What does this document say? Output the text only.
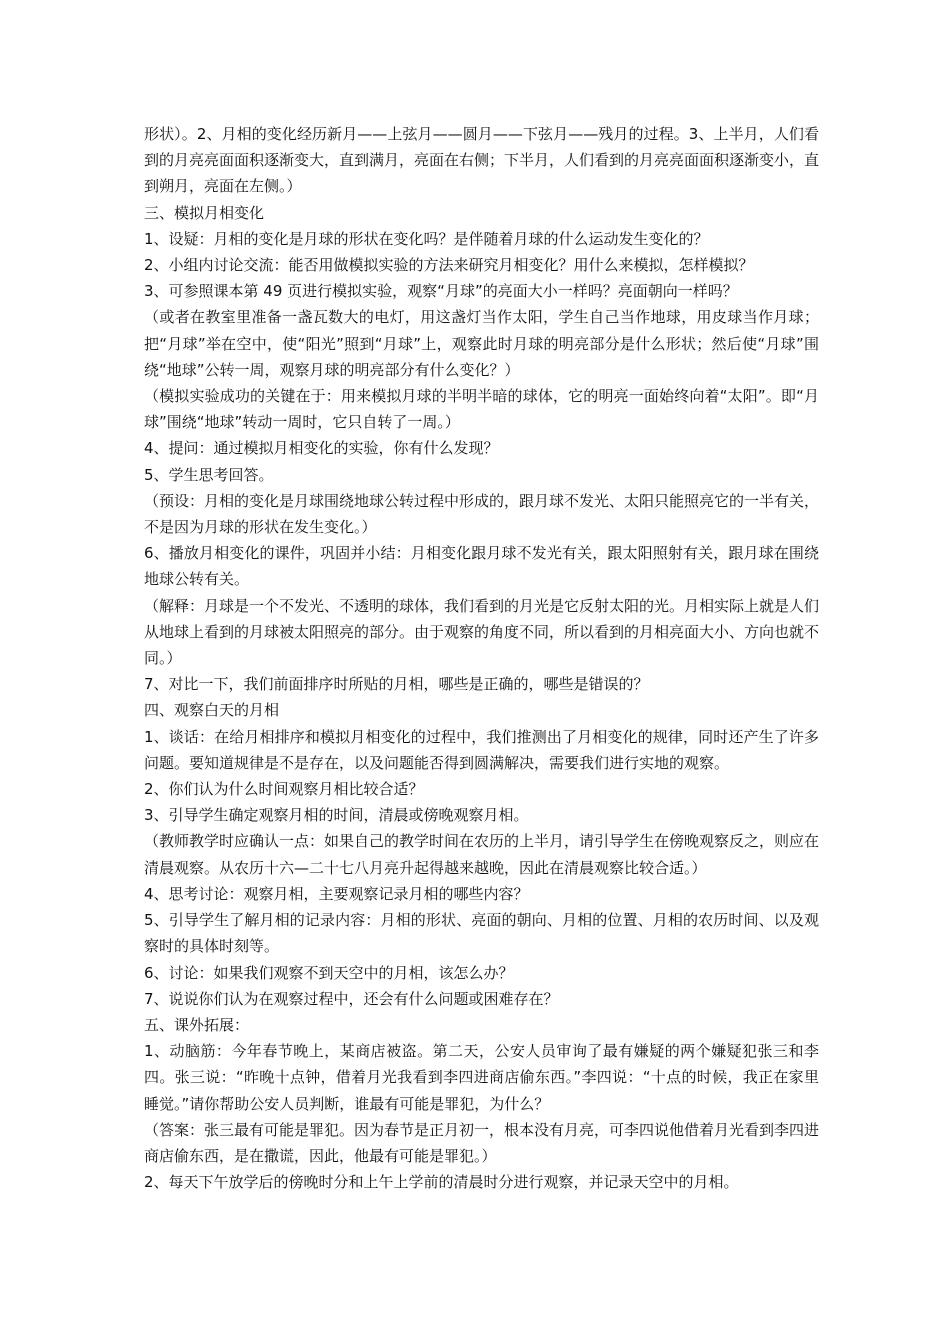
形状）。2、月相的变化经历新月——上弦月——圆月——下弦月——残月的过程。3、上半月，人们看到的月亮亮面面积逐渐变大，直到满月，亮面在右侧；下半月，人们看到的月亮亮面面积逐渐变小，直到朔月，亮面在左侧。）

三、模拟月相变化

1、设疑：月相的变化是月球的形状在变化吗？是伴随着月球的什么运动发生变化的？

2、小组内讨论交流：能否用做模拟实验的方法来研究月相变化？用什么来模拟，怎样模拟？

3、可参照课本第 49 页进行模拟实验，观察“月球”的亮面大小一样吗？亮面朝向一样吗？

（或者在教室里准备一盏瓦数大的电灯，用这盏灯当作太阳，学生自己当作地球，用皮球当作月球；把“月球”举在空中，使“阳光”照到“月球”上，观察此时月球的明亮部分是什么形状；然后使“月球”围绕“地球”公转一周，观察月球的明亮部分有什么变化？）

（模拟实验成功的关键在于：用来模拟月球的半明半暗的球体，它的明亮一面始终向着“太阳”。即“月球”围绕“地球”转动一周时，它只自转了一周。）

4、提问：通过模拟月相变化的实验，你有什么发现？

5、学生思考回答。

（预设：月相的变化是月球围绕地球公转过程中形成的，跟月球不发光、太阳只能照亮它的一半有关，不是因为月球的形状在发生变化。）

6、播放月相变化的课件，巩固并小结：月相变化跟月球不发光有关，跟太阳照射有关，跟月球在围绕地球公转有关。

（解释：月球是一个不发光、不透明的球体，我们看到的月光是它反射太阳的光。月相实际上就是人们从地球上看到的月球被太阳照亮的部分。由于观察的角度不同，所以看到的月相亮面大小、方向也就不同。）

7、对比一下，我们前面排序时所贴的月相，哪些是正确的，哪些是错误的？

四、观察白天的月相

1、谈话：在给月相排序和模拟月相变化的过程中，我们推测出了月相变化的规律，同时还产生了许多问题。要知道规律是不是存在，以及问题能否得到圆满解决，需要我们进行实地的观察。

2、你们认为什么时间观察月相比较合适？

3、引导学生确定观察月相的时间，清晨或傍晚观察月相。

（教师教学时应确认一点：如果自己的教学时间在农历的上半月，请引导学生在傍晚观察反之，则应在清晨观察。从农历十六—二十七八月亮升起得越来越晚，因此在清晨观察比较合适。）

4、思考讨论：观察月相，主要观察记录月相的哪些内容？

5、引导学生了解月相的记录内容：月相的形状、亮面的朝向、月相的位置、月相的农历时间、以及观察时的具体时刻等。

6、讨论：如果我们观察不到天空中的月相，该怎么办？

7、说说你们认为在观察过程中，还会有什么问题或困难存在？

五、课外拓展：

1、动脑筋：今年春节晚上，某商店被盗。第二天，公安人员审询了最有嫌疑的两个嫌疑犯张三和李四。张三说：“昨晚十点钟，借着月光我看到李四进商店偷东西。”李四说：“十点的时候，我正在家里睡觉。”请你帮助公安人员判断，谁最有可能是罪犯，为什么？

（答案：张三最有可能是罪犯。因为春节是正月初一，根本没有月亮，可李四说他借着月光看到李四进商店偷东西，是在撒谎，因此，他最有可能是罪犯。）

2、每天下午放学后的傍晚时分和上午上学前的清晨时分进行观察，并记录天空中的月相。
